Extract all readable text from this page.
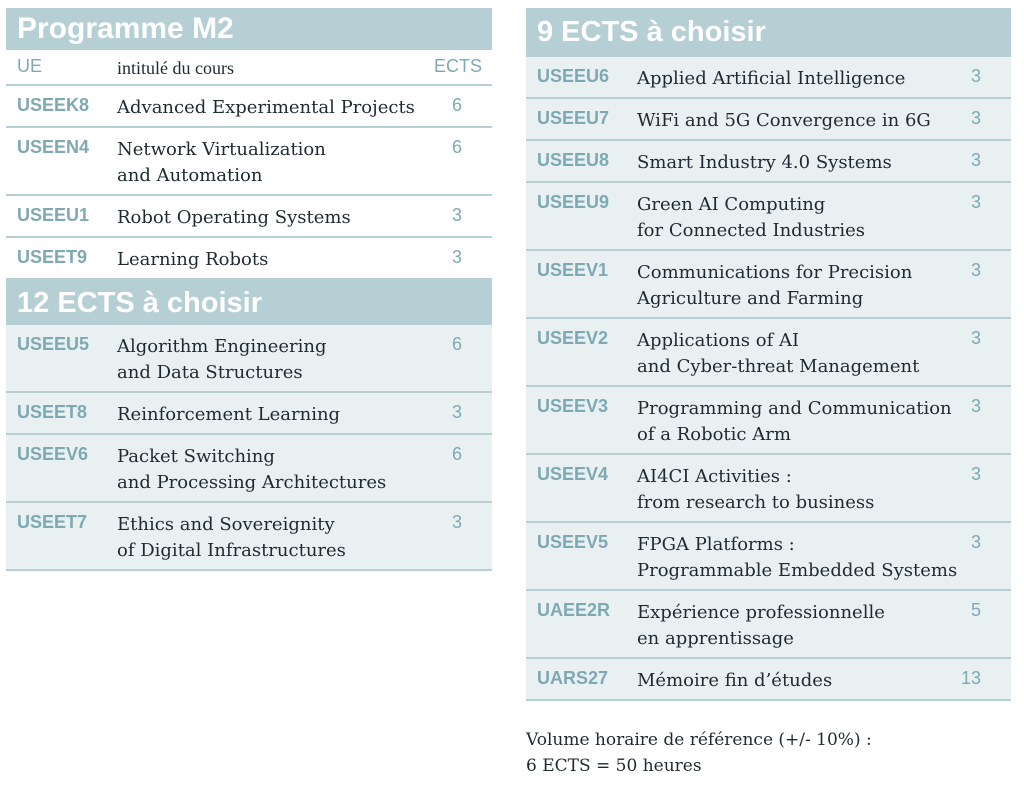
Programme M2
UE	intitulé du cours	ECTS
USEEK8 Advanced Experimental Projects 6
USEEN4 Network Virtualization
and Automation
6
USEEU1 Robot Operating Systems	3
USEET9 Learning Robots	3
12 ECTS à choisir
USEEU5 Algorithm Engineering
and Data Structures
6
USEET8 Reinforcement Learning	3
USEEV6 Packet Switching
and Processing Architectures
6
USEET7 Ethics and Sovereignity
of Digital Infrastructures
3
9 ECTS à choisir
USEEU6 Applied Artificial Intelligence	3
USEEU7 WiFi and 5G Convergence in 6G 3
USEEU8 Smart Industry 4.0 Systems	3
USEEU9 Green AI Computing
for Connected Industries
3
USEEV1 Communications for Precision
Agriculture and Farming
3
USEEV2 Applications of AI
and Cyber-threat Management
3
USEEV3 Programming and Communication
of a Robotic Arm
3
USEEV4 AI4CI Activities :
from research to business
3
USEEV5 FPGA Platforms :
Programmable Embedded Systems
3
UAEE2R Expérience professionnelle
en apprentissage
5
UARS27 Mémoire fin d’études	13
Volume horaire de référence (+/- 10%) :
6 ECTS = 50 heures
